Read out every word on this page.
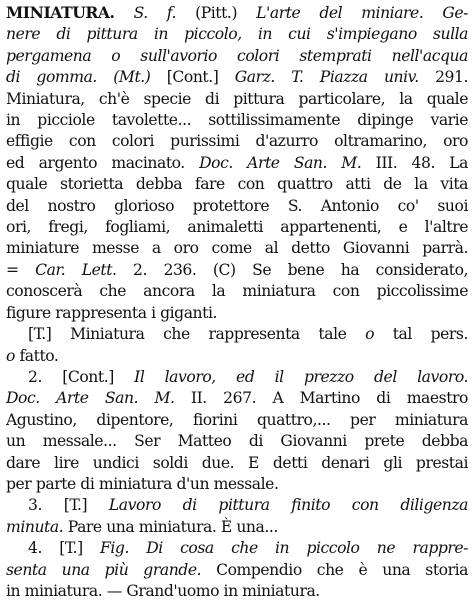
MINIATURA. S. f. (Pitt.) L'arte del miniare. Ge-
nere di pittura in piccolo, in cui s'impiegano sulla
pergamena o sull'avorio colori stemprati nell'acqua
di gomma. (Mt.) [Cont.] Garz. T. Piazza univ. 291.
Miniatura, ch'è specie di pittura particolare, la quale
in picciole tavolette... sottilissimamente dipinge varie
effigie con colori purissimi d'azurro oltramarino, oro
ed argento macinato. Doc. Arte San. M. III. 48. La
quale storietta debba fare con quattro atti de la vita
del nostro glorioso protettore S. Antonio co' suoi
ori, fregi, fogliami, animaletti appartenenti, e l'altre
miniature messe a oro come al detto Giovanni parrà.
= Car. Lett. 2. 236. (C) Se bene ha considerato,
conoscerà che ancora la miniatura con piccolissime
figure rappresenta i giganti.
[T.] Miniatura che rappresenta tale o tal pers.
o fatto.
2. [Cont.] Il lavoro, ed il prezzo del lavoro.
Doc. Arte San. M. II. 267. A Martino di maestro
Agustino, dipentore, fiorini quattro,... per miniatura
un messale... Ser Matteo di Giovanni prete debba
dare lire undici soldi due. E detti denari gli prestai
per parte di miniatura d'un messale.
3. [T.] Lavoro di pittura finito con diligenza
minuta. Pare una miniatura. È una...
4. [T.] Fig. Di cosa che in piccolo ne rappre-
senta una più grande. Compendio che è una storia
in miniatura. — Grand'uomo in miniatura.
